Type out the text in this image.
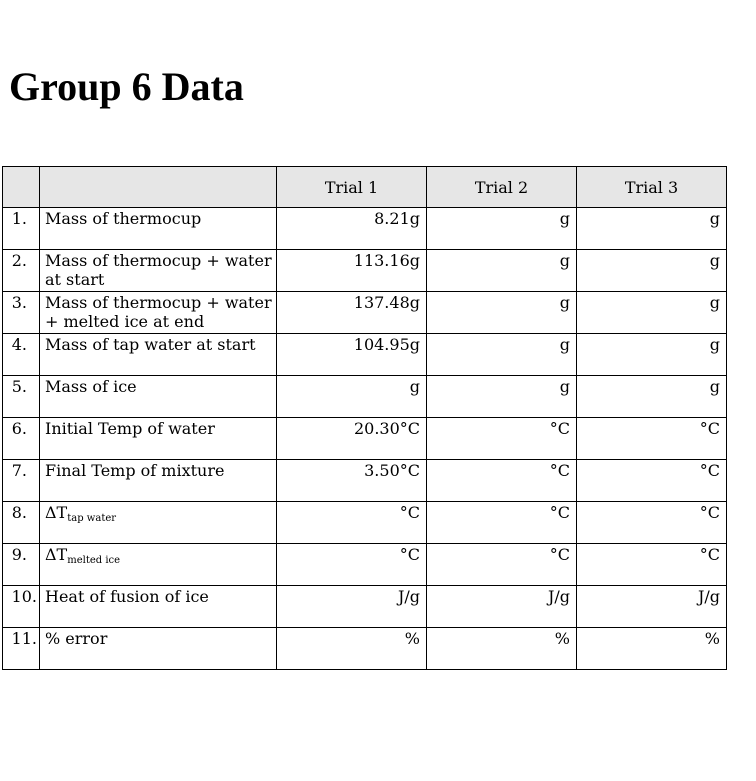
Group 6 Data
		Trial 1	Trial 2	Trial 3
1.	Mass of thermocup	8.21g	g	g
2.	Mass of thermocup + water at start	113.16g	g	g
3.	Mass of thermocup + water + melted ice at end	137.48g	g	g
4.	Mass of tap water at start	104.95g	g	g
5.	Mass of ice	g	g	g
6.	Initial Temp of water	20.30°C	°C	°C
7.	Final Temp of mixture	3.50°C	°C	°C
8.	$\Delta T_{tap water}$	°C	°C	°C
9.	$\Delta T_{melted ice}$	°C	°C	°C
10.	Heat of fusion of ice	J/g	J/g	J/g
11.	% error	%	%	%
